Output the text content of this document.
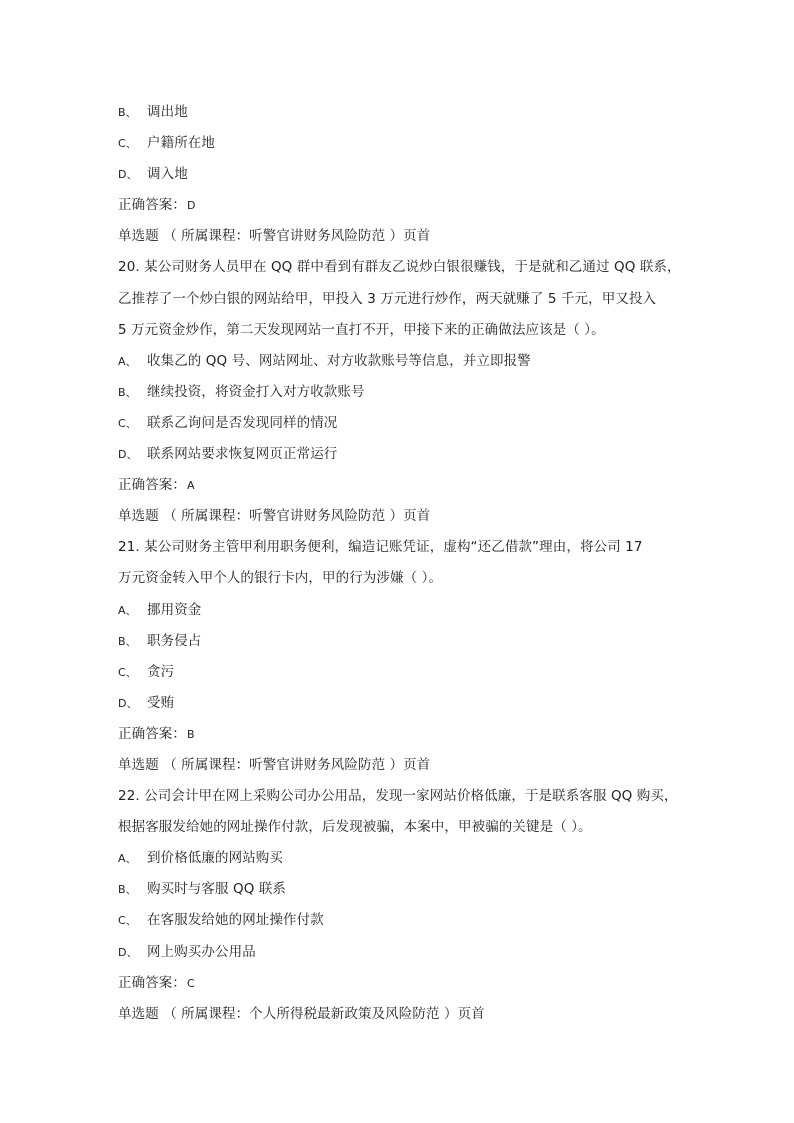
B、 调出地
C、 户籍所在地
D、 调入地
正确答案：D
单选题 （ 所属课程：听警官讲财务风险防范 ）页首
20. 某公司财务人员甲在 QQ 群中看到有群友乙说炒白银很赚钱，于是就和乙通过 QQ 联系，
乙推荐了一个炒白银的网站给甲，甲投入 3 万元进行炒作，两天就赚了 5 千元，甲又投入
5 万元资金炒作，第二天发现网站一直打不开，甲接下来的正确做法应该是（ ）。
A、 收集乙的 QQ 号、网站网址、对方收款账号等信息，并立即报警
B、 继续投资，将资金打入对方收款账号
C、 联系乙询问是否发现同样的情况
D、 联系网站要求恢复网页正常运行
正确答案：A
单选题 （ 所属课程：听警官讲财务风险防范 ）页首
21. 某公司财务主管甲利用职务便利，编造记账凭证，虚构“还乙借款”理由，将公司 17
万元资金转入甲个人的银行卡内，甲的行为涉嫌（ ）。
A、 挪用资金
B、 职务侵占
C、 贪污
D、 受贿
正确答案：B
单选题 （ 所属课程：听警官讲财务风险防范 ）页首
22. 公司会计甲在网上采购公司办公用品，发现一家网站价格低廉，于是联系客服 QQ 购买，
根据客服发给她的网址操作付款，后发现被骗，本案中，甲被骗的关键是（ ）。
A、 到价格低廉的网站购买
B、 购买时与客服 QQ 联系
C、 在客服发给她的网址操作付款
D、 网上购买办公用品
正确答案：C
单选题 （ 所属课程：个人所得税最新政策及风险防范 ）页首
